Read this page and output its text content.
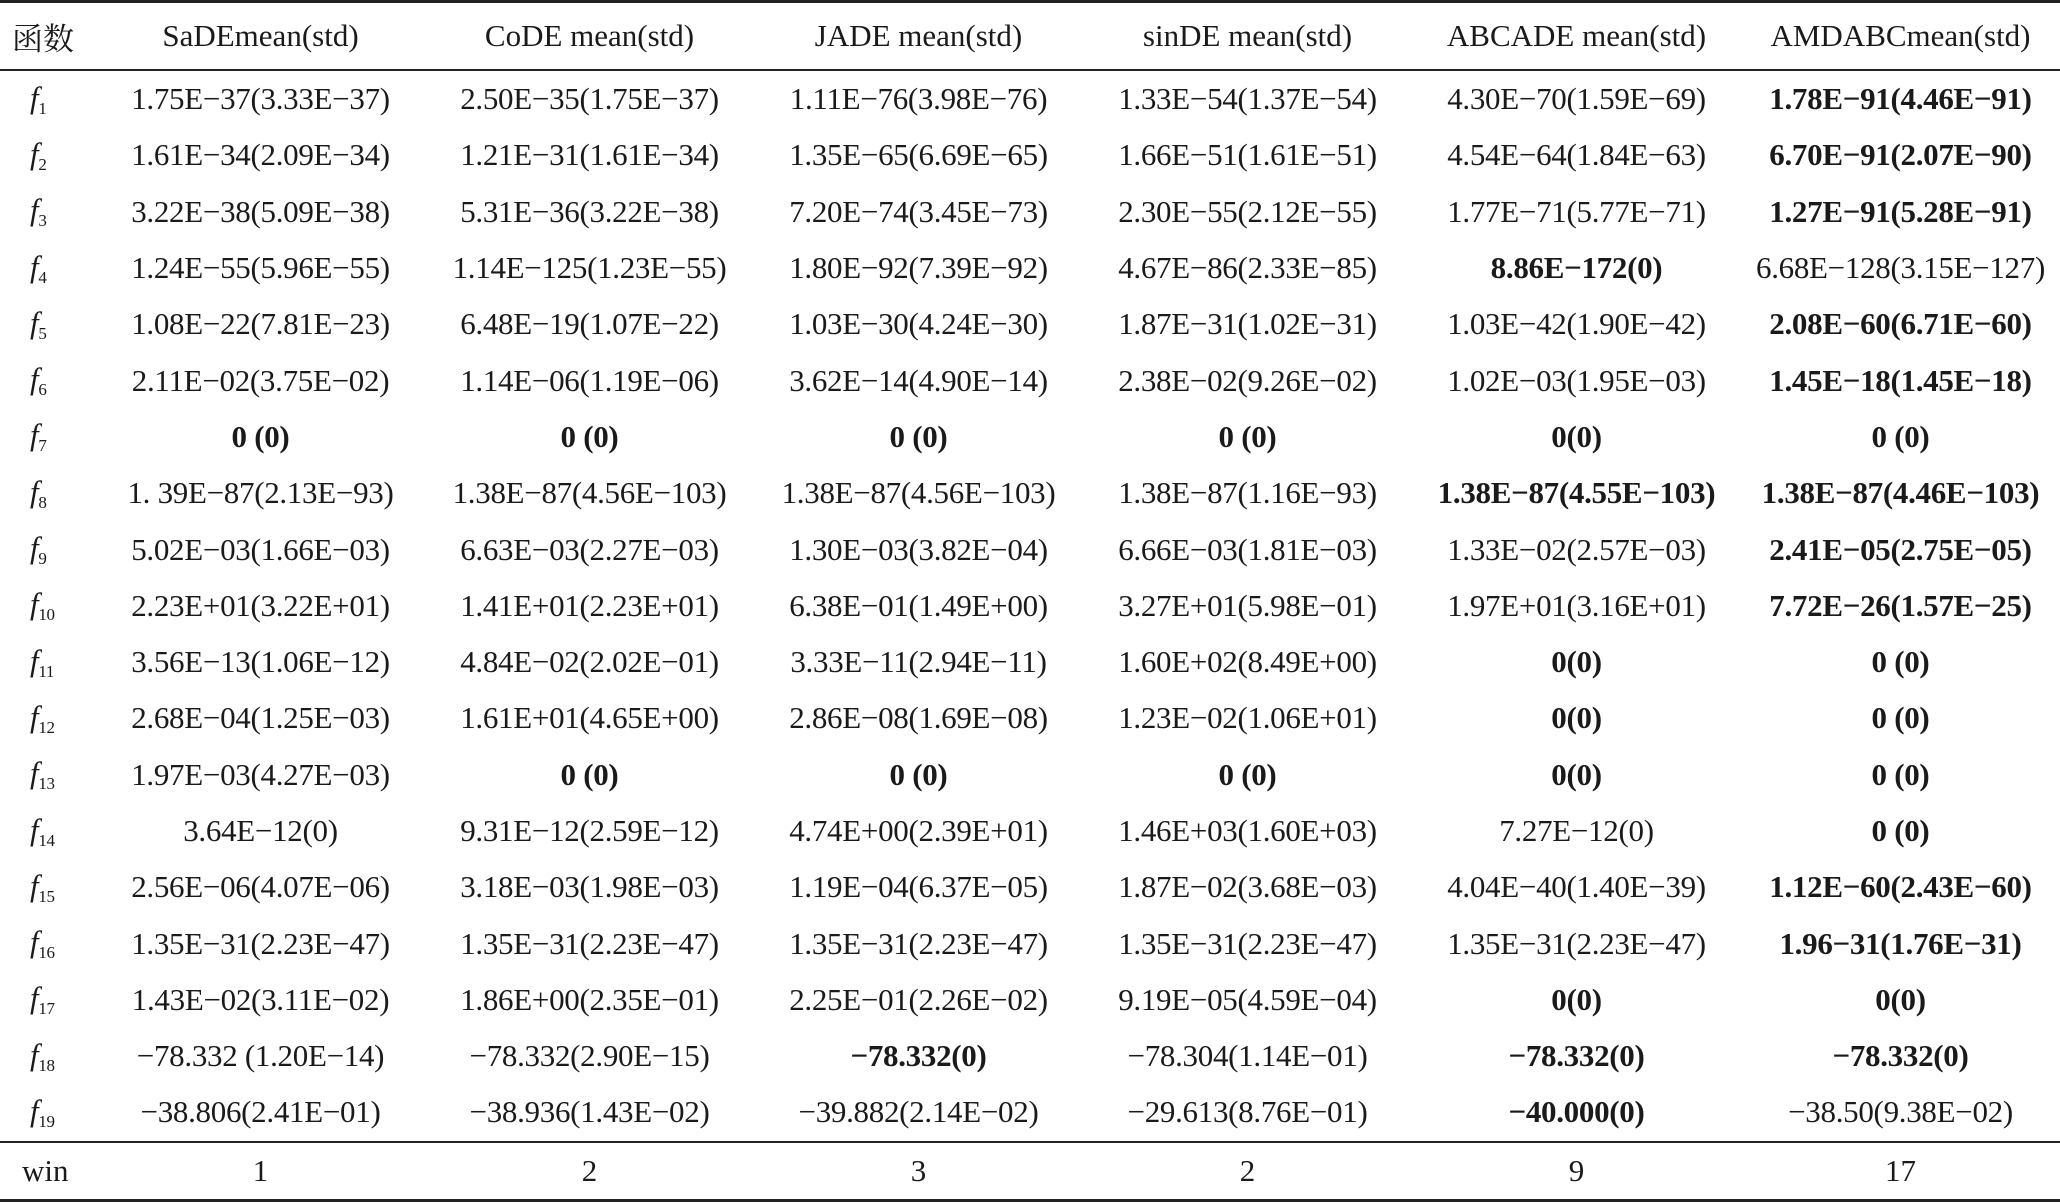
函数	SaDEmean(std)	CoDE mean(std)	JADE mean(std)	sinDE mean(std)	ABCADE mean(std)	AMDABCmean(std)
$f_1$	1.75E−37(3.33E−37)	2.50E−35(1.75E−37)	1.11E−76(3.98E−76)	1.33E−54(1.37E−54)	4.30E−70(1.59E−69)	1.78E−91(4.46E−91)
$f_2$	1.61E−34(2.09E−34)	1.21E−31(1.61E−34)	1.35E−65(6.69E−65)	1.66E−51(1.61E−51)	4.54E−64(1.84E−63)	6.70E−91(2.07E−90)
$f_3$	3.22E−38(5.09E−38)	5.31E−36(3.22E−38)	7.20E−74(3.45E−73)	2.30E−55(2.12E−55)	1.77E−71(5.77E−71)	1.27E−91(5.28E−91)
$f_4$	1.24E−55(5.96E−55)	1.14E−125(1.23E−55)	1.80E−92(7.39E−92)	4.67E−86(2.33E−85)	8.86E−172(0)	6.68E−128(3.15E−127)
$f_5$	1.08E−22(7.81E−23)	6.48E−19(1.07E−22)	1.03E−30(4.24E−30)	1.87E−31(1.02E−31)	1.03E−42(1.90E−42)	2.08E−60(6.71E−60)
$f_6$	2.11E−02(3.75E−02)	1.14E−06(1.19E−06)	3.62E−14(4.90E−14)	2.38E−02(9.26E−02)	1.02E−03(1.95E−03)	1.45E−18(1.45E−18)
$f_7$	0 (0)	0 (0)	0 (0)	0 (0)	0(0)	0 (0)
$f_8$	1. 39E−87(2.13E−93)	1.38E−87(4.56E−103)	1.38E−87(4.56E−103)	1.38E−87(1.16E−93)	1.38E−87(4.55E−103)	1.38E−87(4.46E−103)
$f_9$	5.02E−03(1.66E−03)	6.63E−03(2.27E−03)	1.30E−03(3.82E−04)	6.66E−03(1.81E−03)	1.33E−02(2.57E−03)	2.41E−05(2.75E−05)
$f_{10}$	2.23E+01(3.22E+01)	1.41E+01(2.23E+01)	6.38E−01(1.49E+00)	3.27E+01(5.98E−01)	1.97E+01(3.16E+01)	7.72E−26(1.57E−25)
$f_{11}$	3.56E−13(1.06E−12)	4.84E−02(2.02E−01)	3.33E−11(2.94E−11)	1.60E+02(8.49E+00)	0(0)	0 (0)
$f_{12}$	2.68E−04(1.25E−03)	1.61E+01(4.65E+00)	2.86E−08(1.69E−08)	1.23E−02(1.06E+01)	0(0)	0 (0)
$f_{13}$	1.97E−03(4.27E−03)	0 (0)	0 (0)	0 (0)	0(0)	0 (0)
$f_{14}$	3.64E−12(0)	9.31E−12(2.59E−12)	4.74E+00(2.39E+01)	1.46E+03(1.60E+03)	7.27E−12(0)	0 (0)
$f_{15}$	2.56E−06(4.07E−06)	3.18E−03(1.98E−03)	1.19E−04(6.37E−05)	1.87E−02(3.68E−03)	4.04E−40(1.40E−39)	1.12E−60(2.43E−60)
$f_{16}$	1.35E−31(2.23E−47)	1.35E−31(2.23E−47)	1.35E−31(2.23E−47)	1.35E−31(2.23E−47)	1.35E−31(2.23E−47)	1.96−31(1.76E−31)
$f_{17}$	1.43E−02(3.11E−02)	1.86E+00(2.35E−01)	2.25E−01(2.26E−02)	9.19E−05(4.59E−04)	0(0)	0(0)
$f_{18}$	−78.332 (1.20E−14)	−78.332(2.90E−15)	−78.332(0)	−78.304(1.14E−01)	−78.332(0)	−78.332(0)
$f_{19}$	−38.806(2.41E−01)	−38.936(1.43E−02)	−39.882(2.14E−02)	−29.613(8.76E−01)	−40.000(0)	−38.50(9.38E−02)
win	1	2	3	2	9	17
